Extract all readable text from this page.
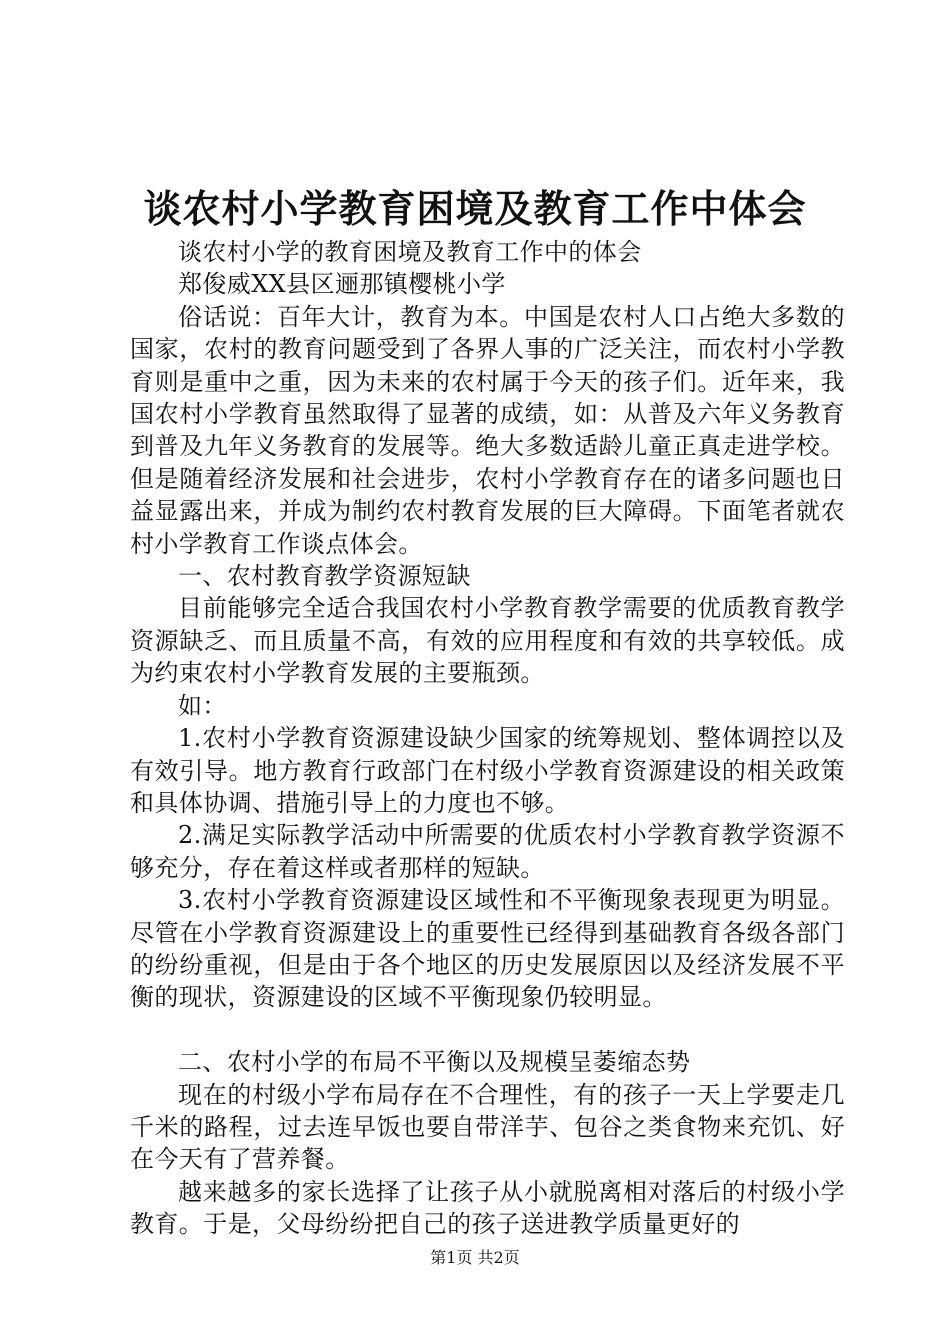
谈农村小学教育困境及教育工作中体会

谈农村小学的教育困境及教育工作中的体会

郑俊威XX县区逦那镇樱桃小学

俗话说：百年大计，教育为本。中国是农村人口占绝大多数的国家，农村的教育问题受到了各界人事的广泛关注，而农村小学教育则是重中之重，因为未来的农村属于今天的孩子们。近年来，我国农村小学教育虽然取得了显著的成绩，如：从普及六年义务教育到普及九年义务教育的发展等。绝大多数适龄儿童正真走进学校。但是随着经济发展和社会进步，农村小学教育存在的诸多问题也日益显露出来，并成为制约农村教育发展的巨大障碍。下面笔者就农村小学教育工作谈点体会。

一、农村教育教学资源短缺

目前能够完全适合我国农村小学教育教学需要的优质教育教学资源缺乏、而且质量不高，有效的应用程度和有效的共享较低。成为约束农村小学教育发展的主要瓶颈。

如：

1.农村小学教育资源建设缺少国家的统筹规划、整体调控以及有效引导。地方教育行政部门在村级小学教育资源建设的相关政策和具体协调、措施引导上的力度也不够。

2.满足实际教学活动中所需要的优质农村小学教育教学资源不够充分，存在着这样或者那样的短缺。

3.农村小学教育资源建设区域性和不平衡现象表现更为明显。尽管在小学教育资源建设上的重要性已经得到基础教育各级各部门的纷纷重视，但是由于各个地区的历史发展原因以及经济发展不平衡的现状，资源建设的区域不平衡现象仍较明显。

二、农村小学的布局不平衡以及规模呈萎缩态势

现在的村级小学布局存在不合理性，有的孩子一天上学要走几千米的路程，过去连早饭也要自带洋芋、包谷之类食物来充饥、好在今天有了营养餐。

越来越多的家长选择了让孩子从小就脱离相对落后的村级小学教育。于是，父母纷纷把自己的孩子送进教学质量更好的

第1页 共2页
